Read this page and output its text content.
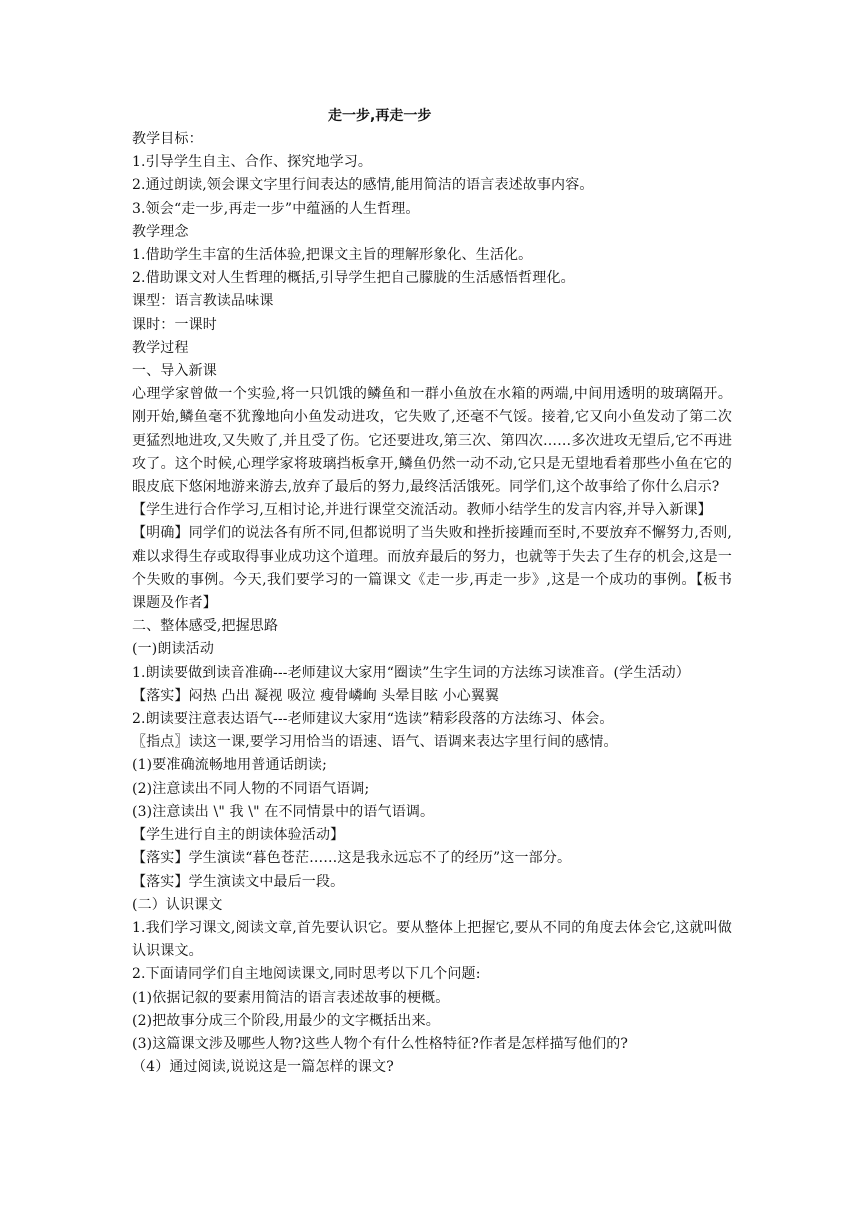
走一步,再走一步

教学目标：

1.引导学生自主、合作、探究地学习。

2.通过朗读,领会课文字里行间表达的感情,能用简洁的语言表述故事内容。

3.领会“走一步,再走一步”中蕴涵的人生哲理。

教学理念

1.借助学生丰富的生活体验,把课文主旨的理解形象化、生活化。

2.借助课文对人生哲理的概括,引导学生把自己朦胧的生活感悟哲理化。

课型：语言教读品味课

课时：一课时

教学过程

一、导入新课

心理学家曾做一个实验,将一只饥饿的鳞鱼和一群小鱼放在水箱的两端,中间用透明的玻璃隔开。刚开始,鳞鱼毫不犹豫地向小鱼发动进攻，它失败了,还毫不气馁。接着,它又向小鱼发动了第二次更猛烈地进攻,又失败了,并且受了伤。它还要进攻,第三次、第四次……多次进攻无望后,它不再进攻了。这个时候,心理学家将玻璃挡板拿开,鳞鱼仍然一动不动,它只是无望地看着那些小鱼在它的眼皮底下悠闲地游来游去,放弃了最后的努力,最终活活饿死。同学们,这个故事给了你什么启示?

【学生进行合作学习,互相讨论,并进行课堂交流活动。教师小结学生的发言内容,并导入新课】

【明确】同学们的说法各有所不同,但都说明了当失败和挫折接踵而至时,不要放弃不懈努力,否则,难以求得生存或取得事业成功这个道理。而放弃最后的努力，也就等于失去了生存的机会,这是一个失败的事例。今天,我们要学习的一篇课文《走一步,再走一步》,这是一个成功的事例。【板书课题及作者】

二、整体感受,把握思路

(一)朗读活动

1.朗读要做到读音准确---老师建议大家用“圈读”生字生词的方法练习读准音。(学生活动）

【落实】闷热 凸出 凝视 吸泣 瘦骨嶙峋 头晕目眩 小心翼翼

2.朗读要注意表达语气---老师建议大家用“选读”精彩段落的方法练习、体会。

〖指点〗读这一课,要学习用恰当的语速、语气、语调来表达字里行间的感情。

(1)要准确流畅地用普通话朗读;

(2)注意读出不同人物的不同语气语调;

(3)注意读出 \" 我 \" 在不同情景中的语气语调。

【学生进行自主的朗读体验活动】

【落实】学生演读“暮色苍茫……这是我永远忘不了的经历”这一部分。

【落实】学生演读文中最后一段。

(二）认识课文

1.我们学习课文,阅读文章,首先要认识它。要从整体上把握它,要从不同的角度去体会它,这就叫做认识课文。

2.下面请同学们自主地阅读课文,同时思考以下几个问题:

(1)依据记叙的要素用简洁的语言表述故事的梗概。

(2)把故事分成三个阶段,用最少的文字概括出来。

(3)这篇课文涉及哪些人物?这些人物个有什么性格特征?作者是怎样描写他们的?

（4）通过阅读,说说这是一篇怎样的课文?
